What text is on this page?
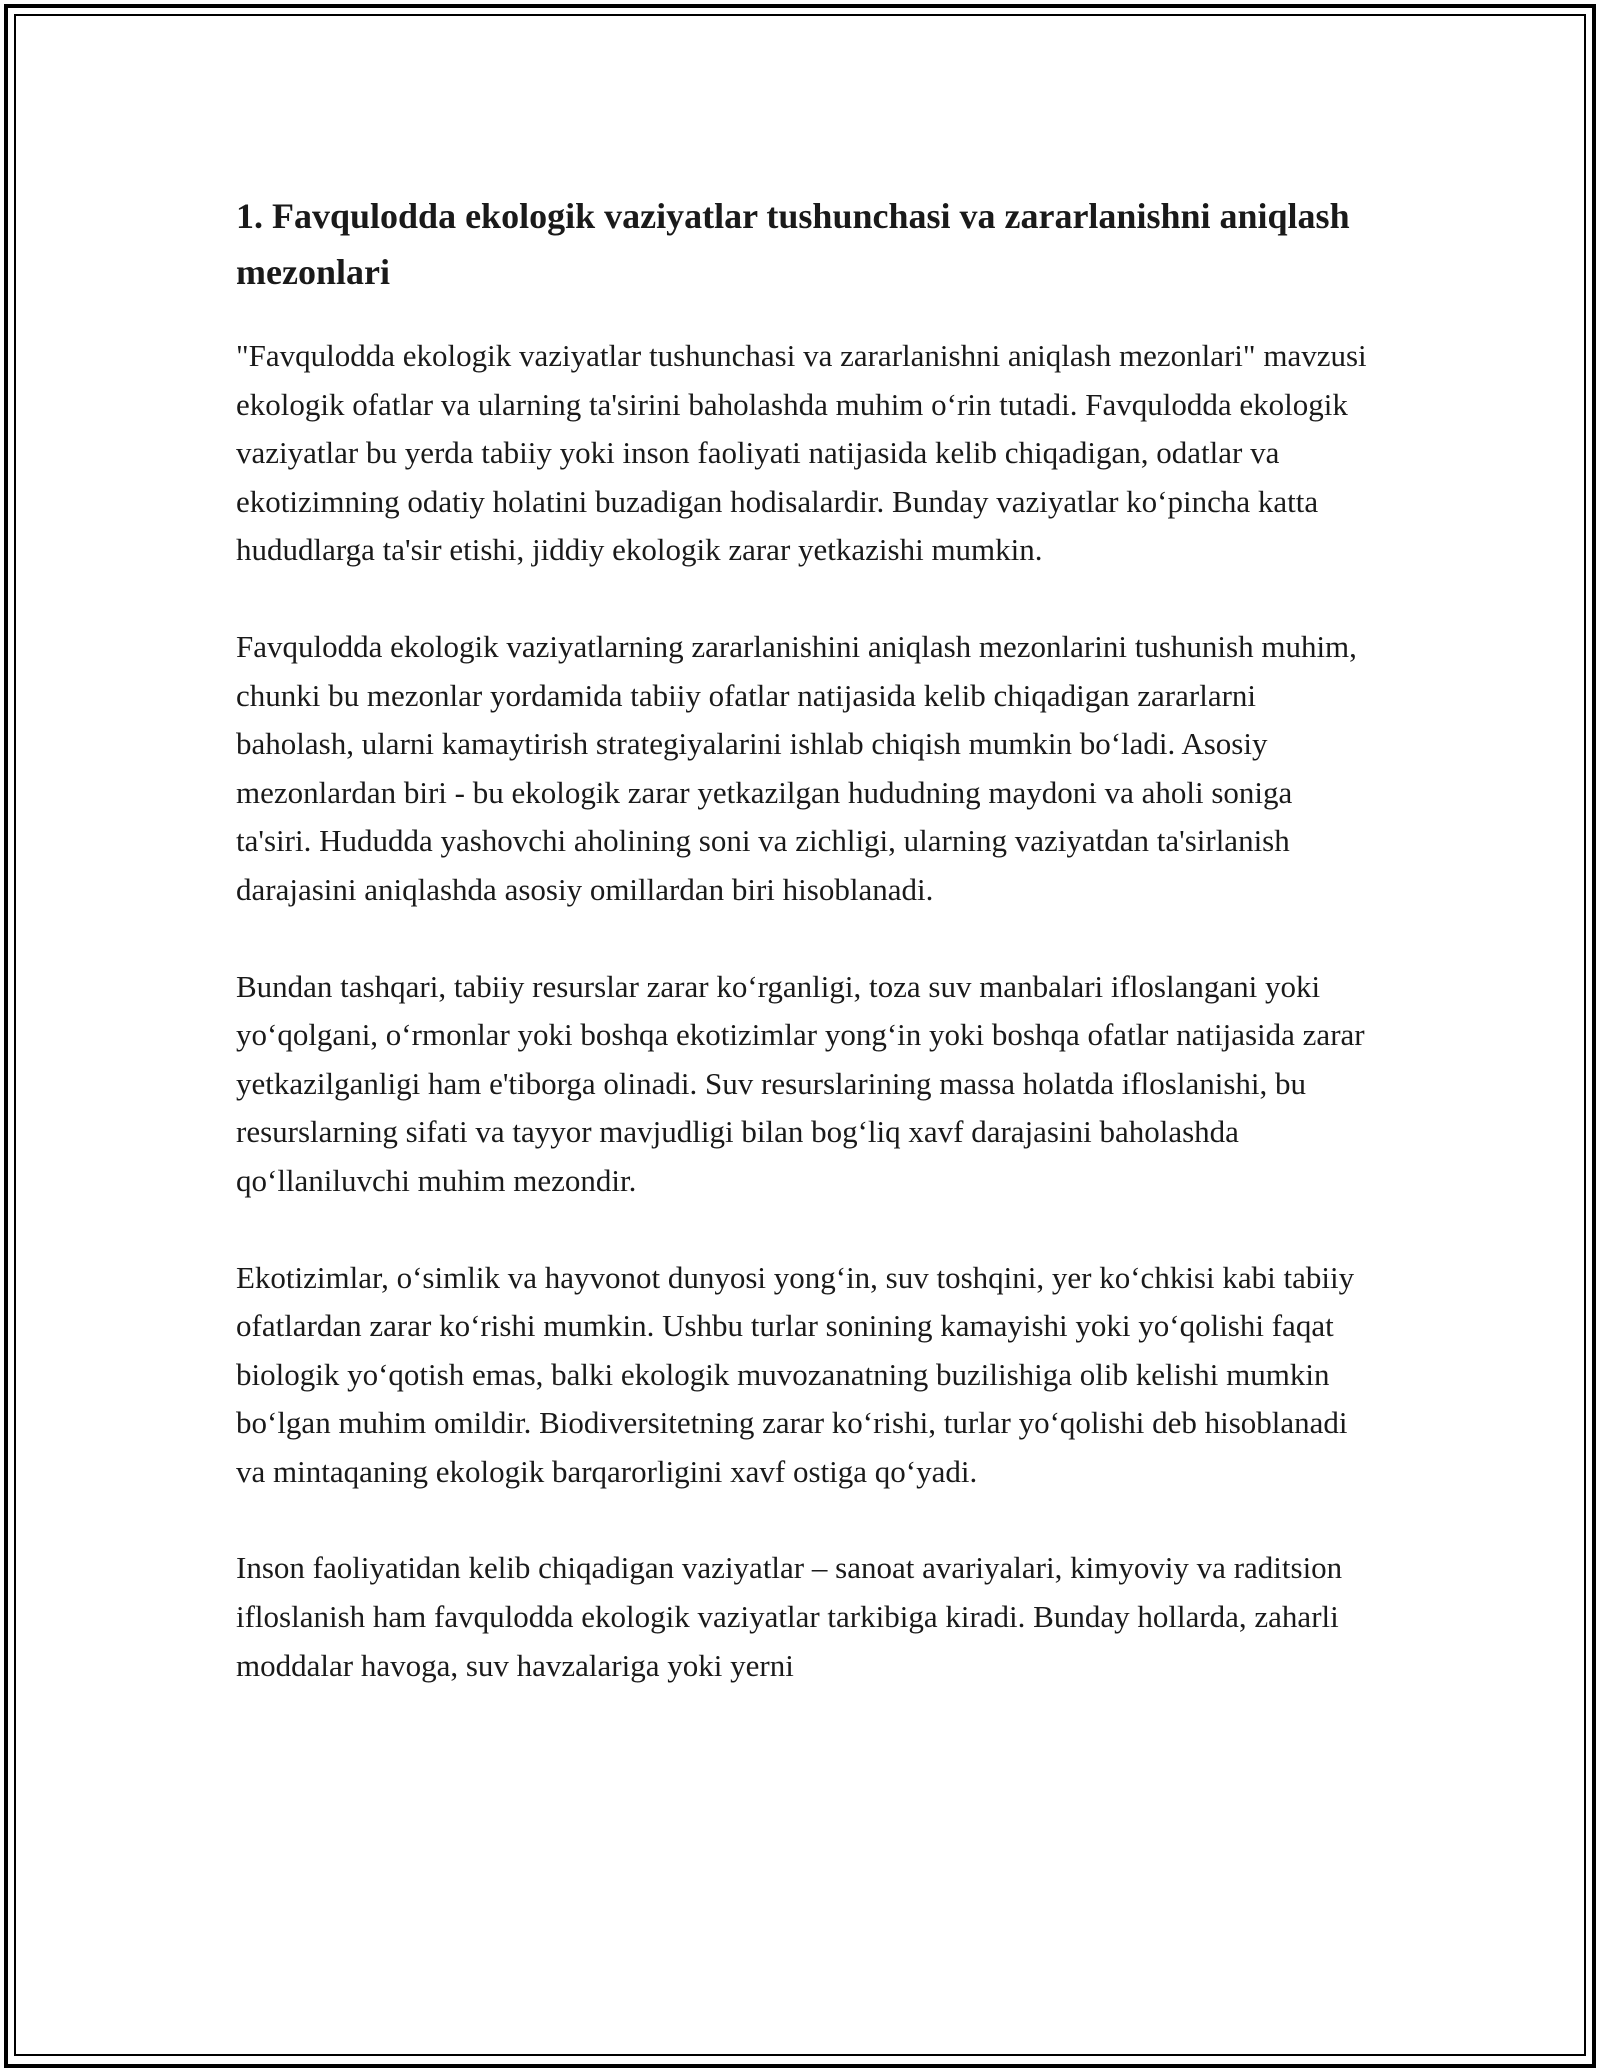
1. Favqulodda ekologik vaziyatlar tushunchasi va zararlanishni aniqlash mezonlari

"Favqulodda ekologik vaziyatlar tushunchasi va zararlanishni aniqlash mezonlari" mavzusi ekologik ofatlar va ularning ta'sirini baholashda muhim oʻrin tutadi. Favqulodda ekologik vaziyatlar bu yerda tabiiy yoki inson faoliyati natijasida kelib chiqadigan, odatlar va ekotizimning odatiy holatini buzadigan hodisalardir. Bunday vaziyatlar koʻpincha katta hududlarga ta'sir etishi, jiddiy ekologik zarar yetkazishi mumkin.

Favqulodda ekologik vaziyatlarning zararlanishini aniqlash mezonlarini tushunish muhim, chunki bu mezonlar yordamida tabiiy ofatlar natijasida kelib chiqadigan zararlarni baholash, ularni kamaytirish strategiyalarini ishlab chiqish mumkin boʻladi. Asosiy mezonlardan biri - bu ekologik zarar yetkazilgan hududning maydoni va aholi soniga ta'siri. Hududda yashovchi aholining soni va zichligi, ularning vaziyatdan ta'sirlanish darajasini aniqlashda asosiy omillardan biri hisoblanadi.

Bundan tashqari, tabiiy resurslar zarar koʻrganligi, toza suv manbalari ifloslangani yoki yoʻqolgani, oʻrmonlar yoki boshqa ekotizimlar yongʻin yoki boshqa ofatlar natijasida zarar yetkazilganligi ham e'tiborga olinadi. Suv resurslarining massa holatda ifloslanishi, bu resurslarning sifati va tayyor mavjudligi bilan bogʻliq xavf darajasini baholashda qoʻllaniluvchi muhim mezondir.

Ekotizimlar, oʻsimlik va hayvonot dunyosi yongʻin, suv toshqini, yer koʻchkisi kabi tabiiy ofatlardan zarar koʻrishi mumkin. Ushbu turlar sonining kamayishi yoki yoʻqolishi faqat biologik yoʻqotish emas, balki ekologik muvozanatning buzilishiga olib kelishi mumkin boʻlgan muhim omildir. Biodiversitetning zarar koʻrishi, turlar yoʻqolishi deb hisoblanadi va mintaqaning ekologik barqarorligini xavf ostiga qoʻyadi.

Inson faoliyatidan kelib chiqadigan vaziyatlar – sanoat avariyalari, kimyoviy va raditsion ifloslanish ham favqulodda ekologik vaziyatlar tarkibiga kiradi. Bunday hollarda, zaharli moddalar havoga, suv havzalariga yoki yerni
